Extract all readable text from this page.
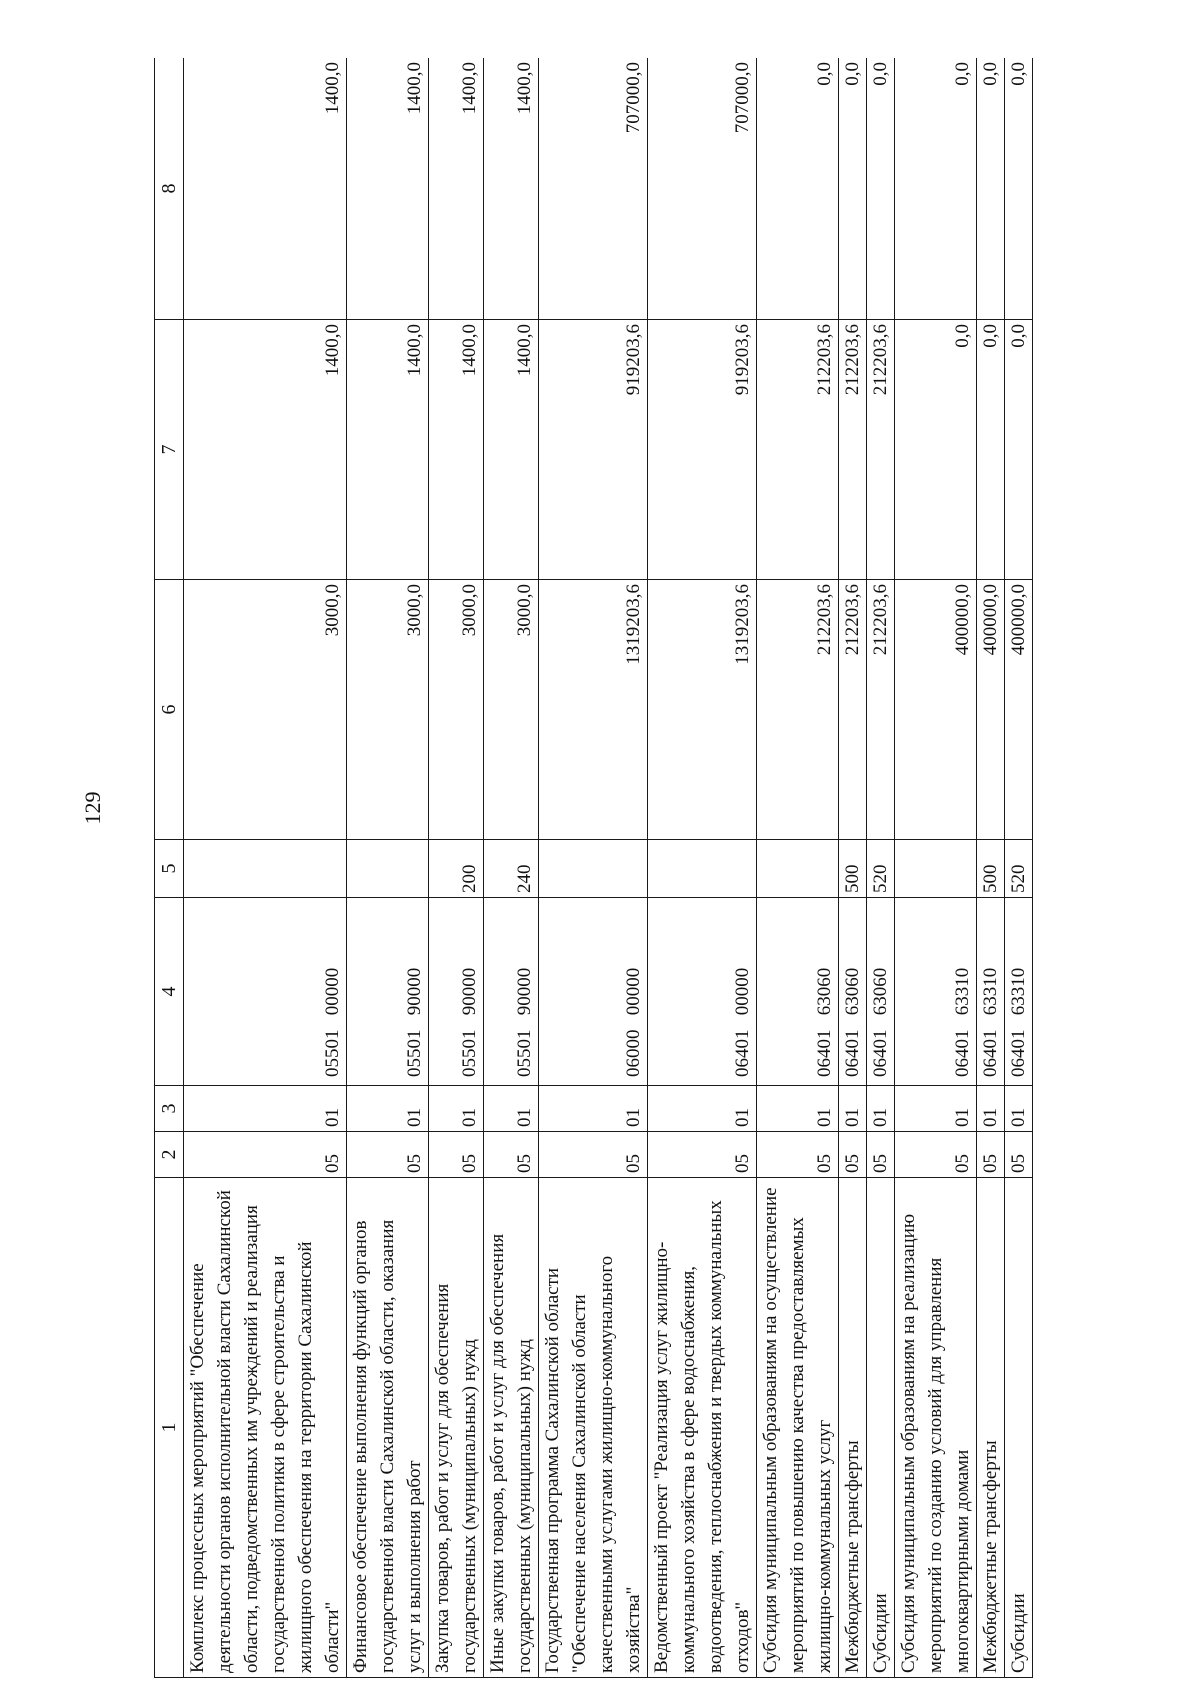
129
1	2	3	4	5	6	7	8
Комплекс процессных мероприятий "Обеспечение деятельности органов исполнительной власти Сахалинской области, подведомственных им учреждений и реализация государственной политики в сфере строительства и жилищного обеспечения на территории Сахалинской области"	05	01	05501   00000		3000,0	1400,0	1400,0
Финансовое обеспечение выполнения функций органов государственной власти Сахалинской области, оказания услуг и выполнения работ	05	01	05501   90000		3000,0	1400,0	1400,0
Закупка товаров, работ и услуг для обеспечения государственных (муниципальных) нужд	05	01	05501   90000	200	3000,0	1400,0	1400,0
Иные закупки товаров, работ и услуг для обеспечения государственных (муниципальных) нужд	05	01	05501   90000	240	3000,0	1400,0	1400,0
Государственная программа Сахалинской области "Обеспечение населения Сахалинской области качественными услугами жилищно-коммунального хозяйства"	05	01	06000   00000		1319203,6	919203,6	707000,0
Ведомственный проект "Реализация услуг жилищно-коммунального хозяйства в сфере водоснабжения, водоотведения, теплоснабжения и твердых коммунальных отходов"	05	01	06401   00000		1319203,6	919203,6	707000,0
Субсидия муниципальным образованиям на осуществление мероприятий по повышению качества предоставляемых жилищно-коммунальных услуг	05	01	06401   63060		212203,6	212203,6	0,0
Межбюджетные трансферты	05	01	06401   63060	500	212203,6	212203,6	0,0
Субсидии	05	01	06401   63060	520	212203,6	212203,6	0,0
Субсидия муниципальным образованиям на реализацию мероприятий по созданию условий для управления многоквартирными домами	05	01	06401   63310		400000,0	0,0	0,0
Межбюджетные трансферты	05	01	06401   63310	500	400000,0	0,0	0,0
Субсидии	05	01	06401   63310	520	400000,0	0,0	0,0
